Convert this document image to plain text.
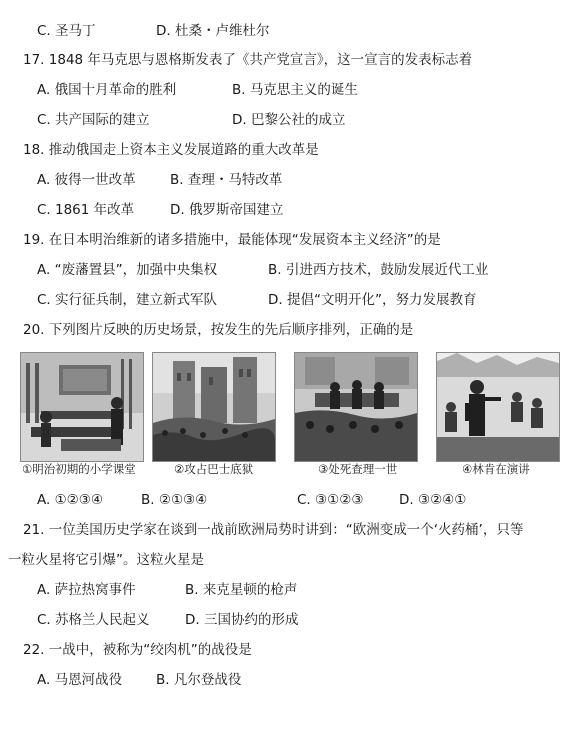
C. 圣马丁	D. 杜桑・卢维杜尔
17. 1848 年马克思与恩格斯发表了《共产党宣言》，这一宣言的发表标志着
A. 俄国十月革命的胜利	B. 马克思主义的诞生
C. 共产国际的建立	D. 巴黎公社的成立
18. 推动俄国走上资本主义发展道路的重大改革是
A. 彼得一世改革	B. 查理・马特改革
C. 1861 年改革	D. 俄罗斯帝国建立
19. 在日本明治维新的诸多措施中，最能体现“发展资本主义经济”的是
A. “废藩置县”，加强中央集权	B. 引进西方技术，鼓励发展近代工业
C. 实行征兵制，建立新式军队	D. 提倡“文明开化”，努力发展教育
20. 下列图片反映的历史场景，按发生的先后顺序排列，正确的是
①明治初期的小学课堂	②攻占巴士底狱	③处死查理一世	④林肯在演讲
A. ①②③④	B. ②①③④	C. ③①②③	D. ③②④①
21. 一位美国历史学家在谈到一战前欧洲局势时讲到：“欧洲变成一个‘火药桶’，只等
一粒火星将它引爆”。这粒火星是
A. 萨拉热窝事件	B. 来克星顿的枪声
C. 苏格兰人民起义	D. 三国协约的形成
22. 一战中，被称为“绞肉机”的战役是
A. 马恩河战役	B. 凡尔登战役
